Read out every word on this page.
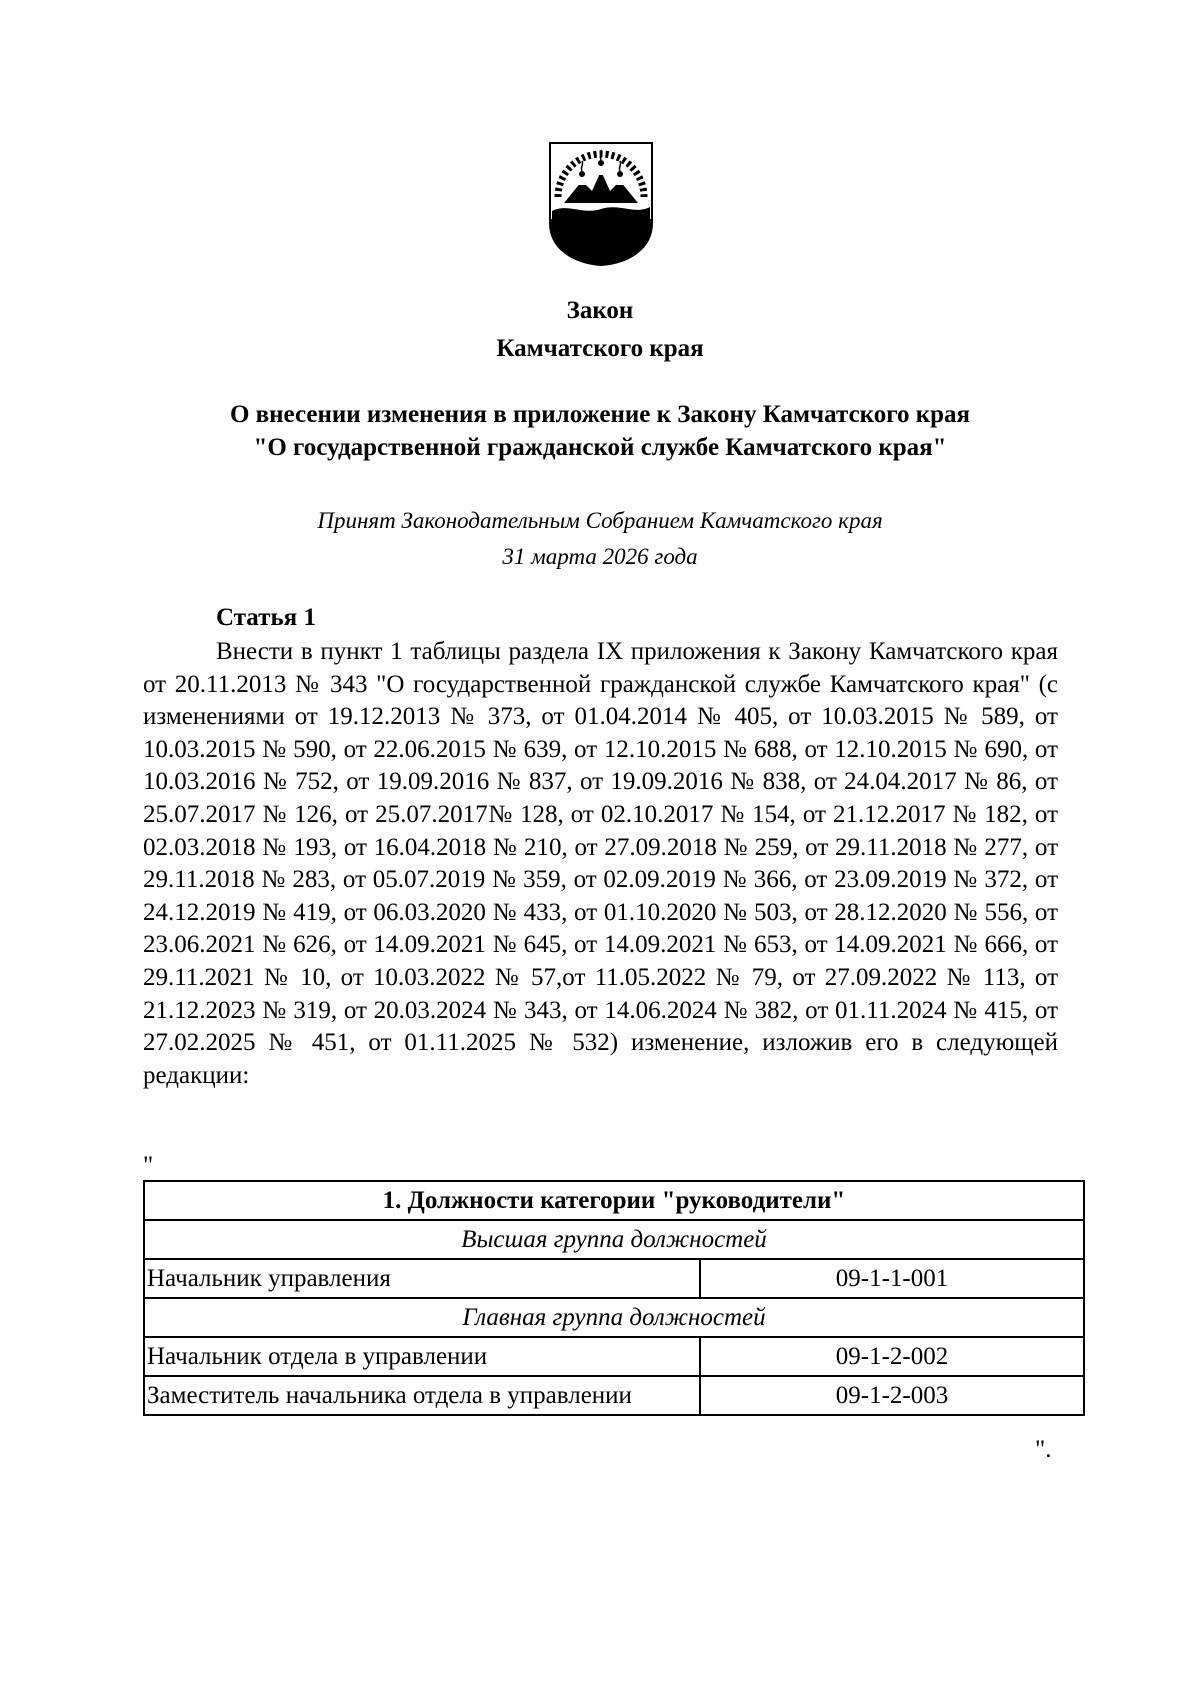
Закон
Камчатского края
О внесении изменения в приложение к Закону Камчатского края
"О государственной гражданской службе Камчатского края"
Принят Законодательным Собранием Камчатского края
31 марта 2026 года
Статья 1

Внести в пункт 1 таблицы раздела IX приложения к Закону Камчатского края от 20.11.2013 № 343 "О государственной гражданской службе Камчатского края" (с изменениями от 19.12.2013 № 373, от 01.04.2014 № 405, от 10.03.2015 № 589, от 10.03.2015 № 590, от 22.06.2015 № 639, от 12.10.2015 № 688, от 12.10.2015 № 690, от 10.03.2016 № 752, от 19.09.2016 № 837, от 19.09.2016 № 838, от 24.04.2017 № 86, от 25.07.2017 № 126, от 25.07.2017№ 128, от 02.10.2017 № 154, от 21.12.2017 № 182, от 02.03.2018 № 193, от 16.04.2018 № 210, от 27.09.2018 № 259, от 29.11.2018 № 277, от 29.11.2018 № 283, от 05.07.2019 № 359, от 02.09.2019 № 366, от 23.09.2019 № 372, от 24.12.2019 № 419, от 06.03.2020 № 433, от 01.10.2020 № 503, от 28.12.2020 № 556, от 23.06.2021 № 626, от 14.09.2021 № 645, от 14.09.2021 № 653, от 14.09.2021 № 666, от 29.11.2021 № 10, от 10.03.2022 № 57,от 11.05.2022 № 79, от 27.09.2022 № 113, от 21.12.2023 № 319, от 20.03.2024 № 343, от 14.06.2024 № 382, от 01.11.2024 № 415, от 27.02.2025 № 451, от 01.11.2025 № 532) изменение, изложив его в следующей редакции:

"
1. Должности категории "руководители"	
Высшая группа должностей	
Начальник управления	09-1-1-001
Главная группа должностей	
Начальник отдела в управлении	09-1-2-002
Заместитель начальника отдела в управлении	09-1-2-003
".
